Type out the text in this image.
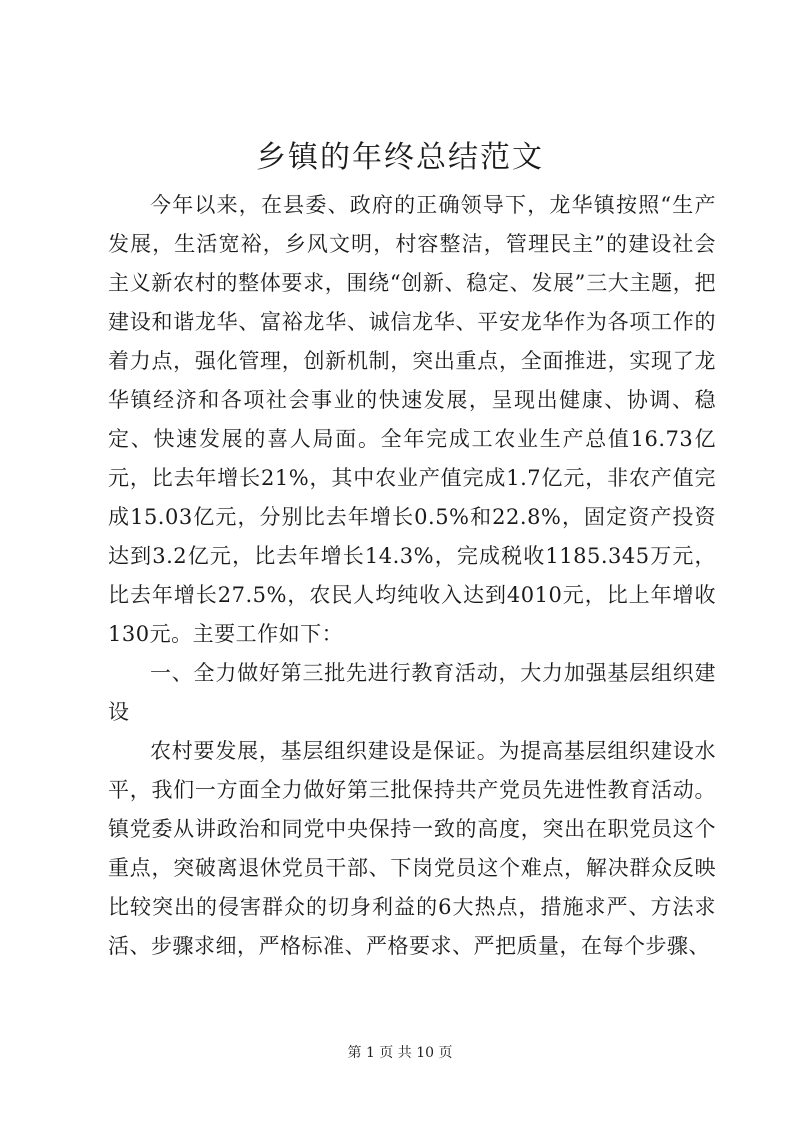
乡镇的年终总结范文

今年以来，在县委、政府的正确领导下，龙华镇按照“生产发展，生活宽裕，乡风文明，村容整洁，管理民主”的建设社会主义新农村的整体要求，围绕“创新、稳定、发展”三大主题，把建设和谐龙华、富裕龙华、诚信龙华、平安龙华作为各项工作的着力点，强化管理，创新机制，突出重点，全面推进，实现了龙华镇经济和各项社会事业的快速发展，呈现出健康、协调、稳定、快速发展的喜人局面。全年完成工农业生产总值16.73亿元，比去年增长21%，其中农业产值完成1.7亿元，非农产值完成15.03亿元，分别比去年增长0.5%和22.8%，固定资产投资达到3.2亿元，比去年增长14.3%，完成税收1185.345万元，比去年增长27.5%，农民人均纯收入达到4010元，比上年增收130元。主要工作如下：

一、全力做好第三批先进行教育活动，大力加强基层组织建设

农村要发展，基层组织建设是保证。为提高基层组织建设水平，我们一方面全力做好第三批保持共产党员先进性教育活动。镇党委从讲政治和同党中央保持一致的高度，突出在职党员这个重点，突破离退休党员干部、下岗党员这个难点，解决群众反映比较突出的侵害群众的切身利益的6大热点，措施求严、方法求活、步骤求细，严格标准、严格要求、严把质量，在每个步骤、

第 1 页 共 10 页
